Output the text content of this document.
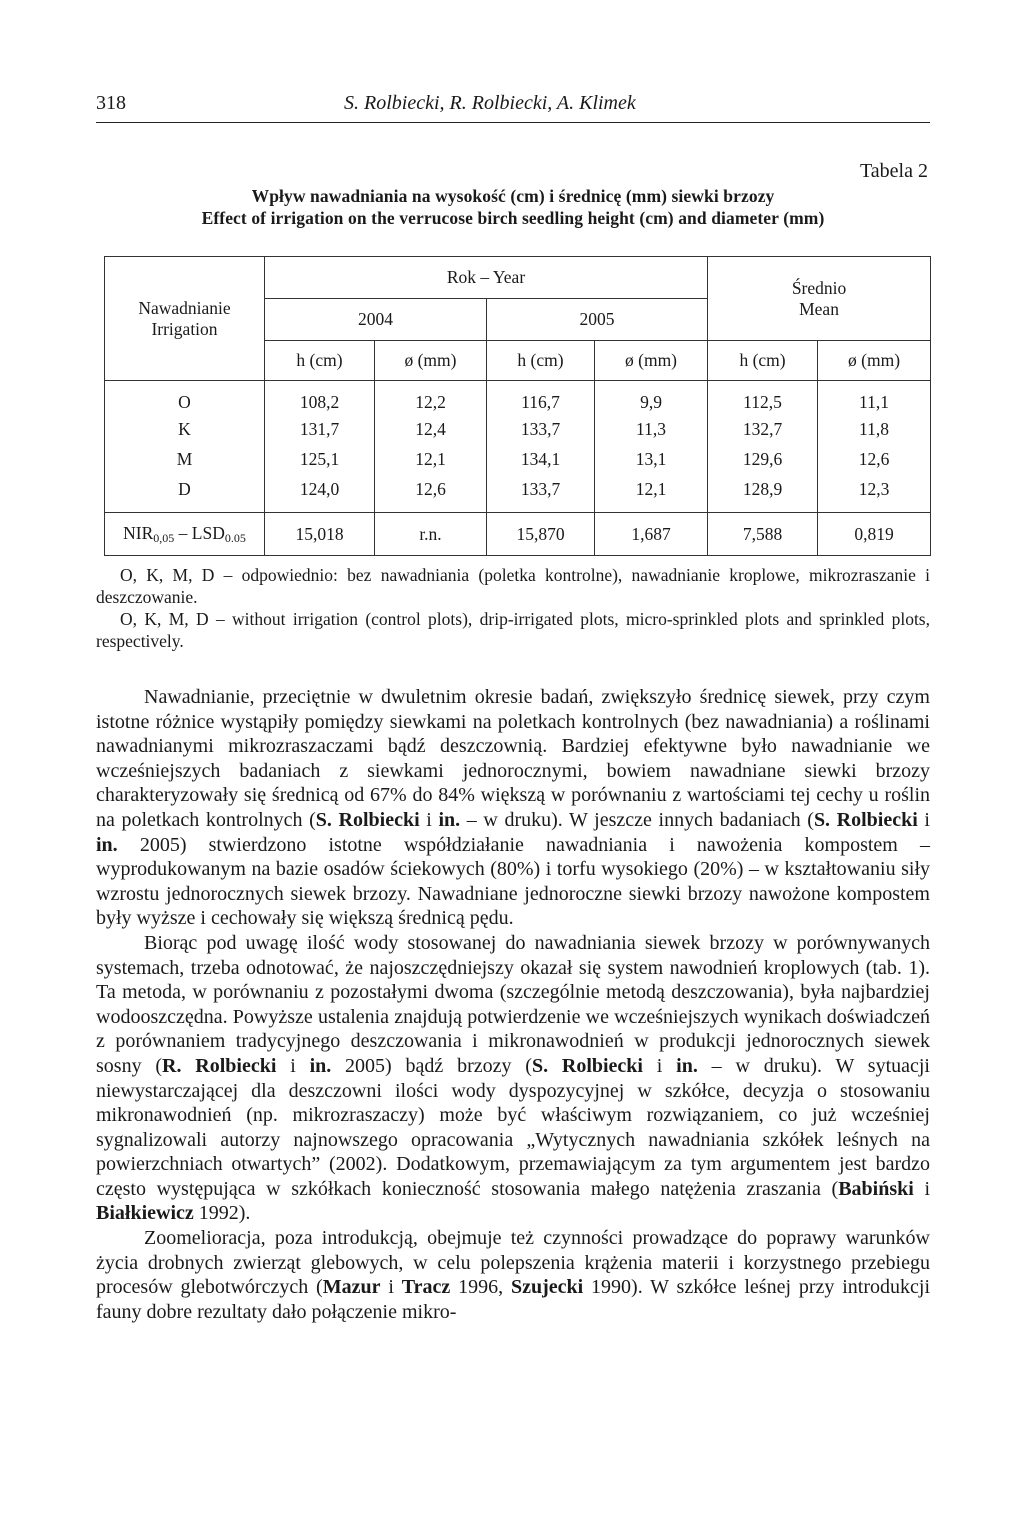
318	S. Rolbiecki, R. Rolbiecki, A. Klimek
Tabela 2
Wpływ nawadniania na wysokość (cm) i średnicę (mm) siewki brzozy
Effect of irrigation on the verrucose birch seedling height (cm) and diameter (mm)
Nawadnianie
Irrigation	Rok – Year				Średnio
Mean	
	2004		2005			
	h (cm)	ø (mm)	h (cm)	ø (mm)	h (cm)	ø (mm)
O	108,2	12,2	116,7	9,9	112,5	11,1
K	131,7	12,4	133,7	11,3	132,7	11,8
M	125,1	12,1	134,1	13,1	129,6	12,6
D	124,0	12,6	133,7	12,1	128,9	12,3
$NIR_{0,05} - LSD_{0.05}$	15,018	r.n.	15,870	1,687	7,588	0,819

O, K, M, D – odpowiednio: bez nawadniania (poletka kontrolne), nawadnianie kroplowe, mikrozraszanie i deszczowanie.

O, K, M, D – without irrigation (control plots), drip-irrigated plots, micro-sprinkled plots and sprinkled plots, respectively.

Nawadnianie, przeciętnie w dwuletnim okresie badań, zwiększyło średnicę siewek, przy czym istotne różnice wystąpiły pomiędzy siewkami na poletkach kontrolnych (bez nawadniania) a roślinami nawadnianymi mikrozraszaczami bądź deszczownią. Bardziej efektywne było nawadnianie we wcześniejszych badaniach z siewkami jednorocznymi, bowiem nawadniane siewki brzozy charakteryzowały się średnicą od 67% do 84% większą w porównaniu z wartościami tej cechy u roślin na poletkach kontrolnych (S. Rolbiecki i in. – w druku). W jeszcze innych badaniach (S. Rolbiecki i in. 2005) stwierdzono istotne współdziałanie nawadniania i nawożenia kompostem – wyprodukowanym na bazie osadów ściekowych (80%) i torfu wysokiego (20%) – w kształtowaniu siły wzrostu jednorocznych siewek brzozy. Nawadniane jednoroczne siewki brzozy nawożone kompostem były wyższe i cechowały się większą średnicą pędu.

Biorąc pod uwagę ilość wody stosowanej do nawadniania siewek brzozy w porównywanych systemach, trzeba odnotować, że najoszczędniejszy okazał się system nawodnień kroplowych (tab. 1). Ta metoda, w porównaniu z pozostałymi dwoma (szczególnie metodą deszczowania), była najbardziej wodooszczędna. Powyższe ustalenia znajdują potwierdzenie we wcześniejszych wynikach doświadczeń z porównaniem tradycyjnego deszczowania i mikronawodnień w produkcji jednorocznych siewek sosny (R. Rolbiecki i in. 2005) bądź brzozy (S. Rolbiecki i in. – w druku). W sytuacji niewystarczającej dla deszczowni ilości wody dyspozycyjnej w szkółce, decyzja o stosowaniu mikronawodnień (np. mikrozraszaczy) może być właściwym rozwiązaniem, co już wcześniej sygnalizowali autorzy najnowszego opracowania „Wytycznych nawadniania szkółek leśnych na powierzchniach otwartych” (2002). Dodatkowym, przemawiającym za tym argumentem jest bardzo często występująca w szkółkach konieczność stosowania małego natężenia zraszania (Babiński i Białkiewicz 1992).

Zoomelioracja, poza introdukcją, obejmuje też czynności prowadzące do poprawy warunków życia drobnych zwierząt glebowych, w celu polepszenia krążenia materii i korzystnego przebiegu procesów glebotwórczych (Mazur i Tracz 1996, Szujecki 1990). W szkółce leśnej przy introdukcji fauny dobre rezultaty dało połączenie mikro-
